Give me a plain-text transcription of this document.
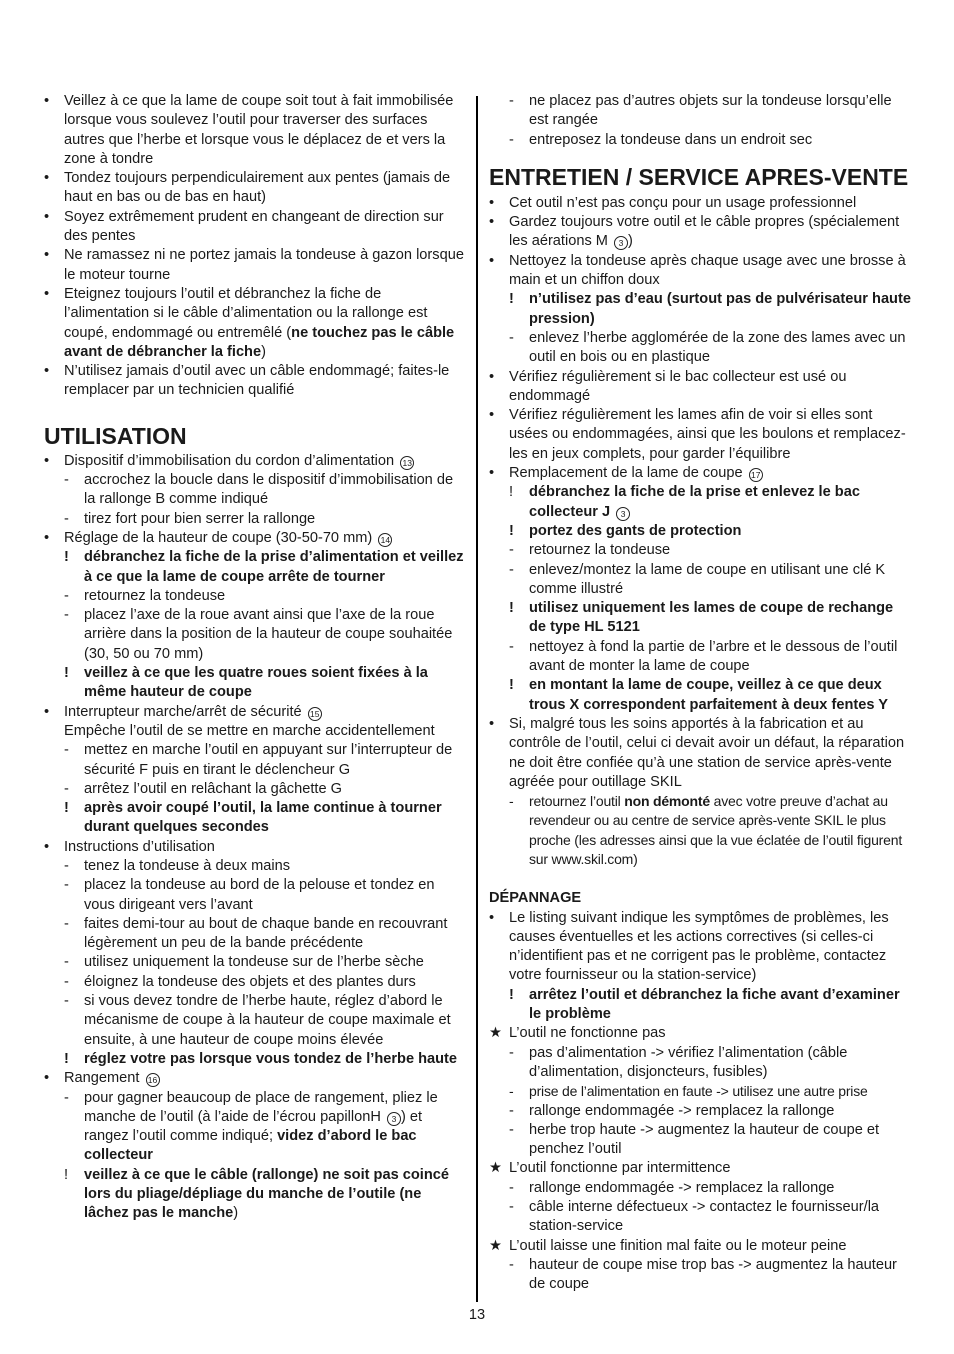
•	Veillez à ce que la lame de coupe soit tout à fait immobilisée lorsque vous soulevez l’outil pour traverser des surfaces autres que l’herbe et lorsque vous le déplacez de et vers la zone à tondre
•	Tondez toujours perpendiculairement aux pentes (jamais de haut en bas ou de bas en haut)
•	Soyez extrêmement prudent en changeant de direction sur des pentes
•	Ne ramassez ni ne portez jamais la tondeuse à gazon lorsque le moteur tourne
•	Eteignez toujours l’outil et débranchez la fiche de l’alimentation si le câble d’alimentation ou la rallonge est coupé, endommagé ou entremêlé (ne touchez pas le câble avant de débrancher la fiche)
•	N’utilisez jamais d’outil avec un câble endommagé; faites-le remplacer par un technicien qualifié
UTILISATION
•	Dispositif d’immobilisation du cordon d’alimentation 13
-	accrochez la boucle dans le dispositif d’immobilisation de la rallonge B comme indiqué
-	tirez fort pour bien serrer la rallonge
•	Réglage de la hauteur de coupe (30-50-70 mm) 14
!	débranchez la fiche de la prise d’alimentation et veillez à ce que la lame de coupe arrête de tourner
-	retournez la tondeuse
-	placez l’axe de la roue avant ainsi que l’axe de la roue arrière dans la position de la hauteur de coupe souhaitée (30, 50 ou 70 mm)
!	veillez à ce que les quatre roues soient fixées à la même hauteur de coupe
•	Interrupteur marche/arrêt de sécurité 15
Empêche l’outil de se mettre en marche accidentellement
-	mettez en marche l’outil en appuyant sur l’interrupteur de sécurité F puis en tirant le déclencheur G
-	arrêtez l’outil en relâchant la gâchette G
!	après avoir coupé l’outil, la lame continue à tourner durant quelques secondes
•	Instructions d’utilisation
-	tenez la tondeuse à deux mains
-	placez la tondeuse au bord de la pelouse et tondez en vous dirigeant vers l’avant
-	faites demi-tour au bout de chaque bande en recouvrant légèrement un peu de la bande précédente
-	utilisez uniquement la tondeuse sur de l’herbe sèche
-	éloignez la tondeuse des objets et des plantes durs
-	si vous devez tondre de l’herbe haute, réglez d’abord le mécanisme de coupe à la hauteur de coupe maximale et ensuite, à une hauteur de coupe moins élevée
!	réglez votre pas lorsque vous tondez de l’herbe haute
•	Rangement 16
-	pour gagner beaucoup de place de rangement, pliez le manche de l’outil (à l’aide de l’écrou papillonH 3 ) et rangez l’outil comme indiqué; videz d’abord le bac collecteur
!	veillez à ce que le câble (rallonge) ne soit pas coincé lors du pliage/dépliage du manche de l’outile (ne lâchez pas le manche)
-	ne placez pas d’autres objets sur la tondeuse lorsqu’elle est rangée
-	entreposez la tondeuse dans un endroit sec
ENTRETIEN / SERVICE APRES-VENTE
•	Cet outil n’est pas conçu pour un usage professionnel
•	Gardez toujours votre outil et le câble propres (spécialement les aérations M 3 )
•	Nettoyez la tondeuse après chaque usage avec une brosse à main et un chiffon doux
!	n’utilisez pas d’eau (surtout pas de pulvérisateur haute pression)
-	enlevez l’herbe agglomérée de la zone des lames avec un outil en bois ou en plastique
•	Vérifiez régulièrement si le bac collecteur est usé ou endommagé
•	Vérifiez régulièrement les lames afin de voir si elles sont usées ou endommagées, ainsi que les boulons et remplacez-les en jeux complets, pour garder l’équilibre
•	Remplacement de la lame de coupe 17
!	débranchez la fiche de la prise et enlevez le bac collecteur J 3
!	portez des gants de protection
-	retournez la tondeuse
-	enlevez/montez la lame de coupe en utilisant une clé K comme illustré
!	utilisez uniquement les lames de coupe de rechange de type HL 5121
-	nettoyez à fond la partie de l’arbre et le dessous de l’outil avant de monter la lame de coupe
!	en montant la lame de coupe, veillez à ce que deux trous X correspondent parfaitement à deux fentes Y
•	Si, malgré tous les soins apportés à la fabrication et au contrôle de l’outil, celui ci devait avoir un défaut, la réparation ne doit être confiée qu’à une station de service après-vente agréée pour outillage SKIL
-	retournez l’outil non démonté avec votre preuve d’achat au revendeur ou au centre de service après-vente SKIL le plus proche (les adresses ainsi que la vue éclatée de l’outil figurent sur www.skil.com)
DÉPANNAGE
•	Le listing suivant indique les symptômes de problèmes, les causes éventuelles et les actions correctives (si celles-ci n’identifient pas et ne corrigent pas le problème, contactez votre fournisseur ou la station-service)
!	arrêtez l’outil et débranchez la fiche avant d’examiner le problème
★ L’outil ne fonctionne pas
-	pas d’alimentation -> vérifiez l’alimentation (câble d’alimentation, disjoncteurs, fusibles)
-	prise de l’alimentation en faute -> utilisez une autre prise
-	rallonge endommagée -> remplacez la rallonge
-	herbe trop haute -> augmentez la hauteur de coupe et penchez l’outil
★ L’outil fonctionne par intermittence
-	rallonge endommagée -> remplacez la rallonge
-	câble interne défectueux -> contactez le fournisseur/la station-service
★ L’outil laisse une finition mal faite ou le moteur peine
-	hauteur de coupe mise trop bas -> augmentez la hauteur de coupe
13
